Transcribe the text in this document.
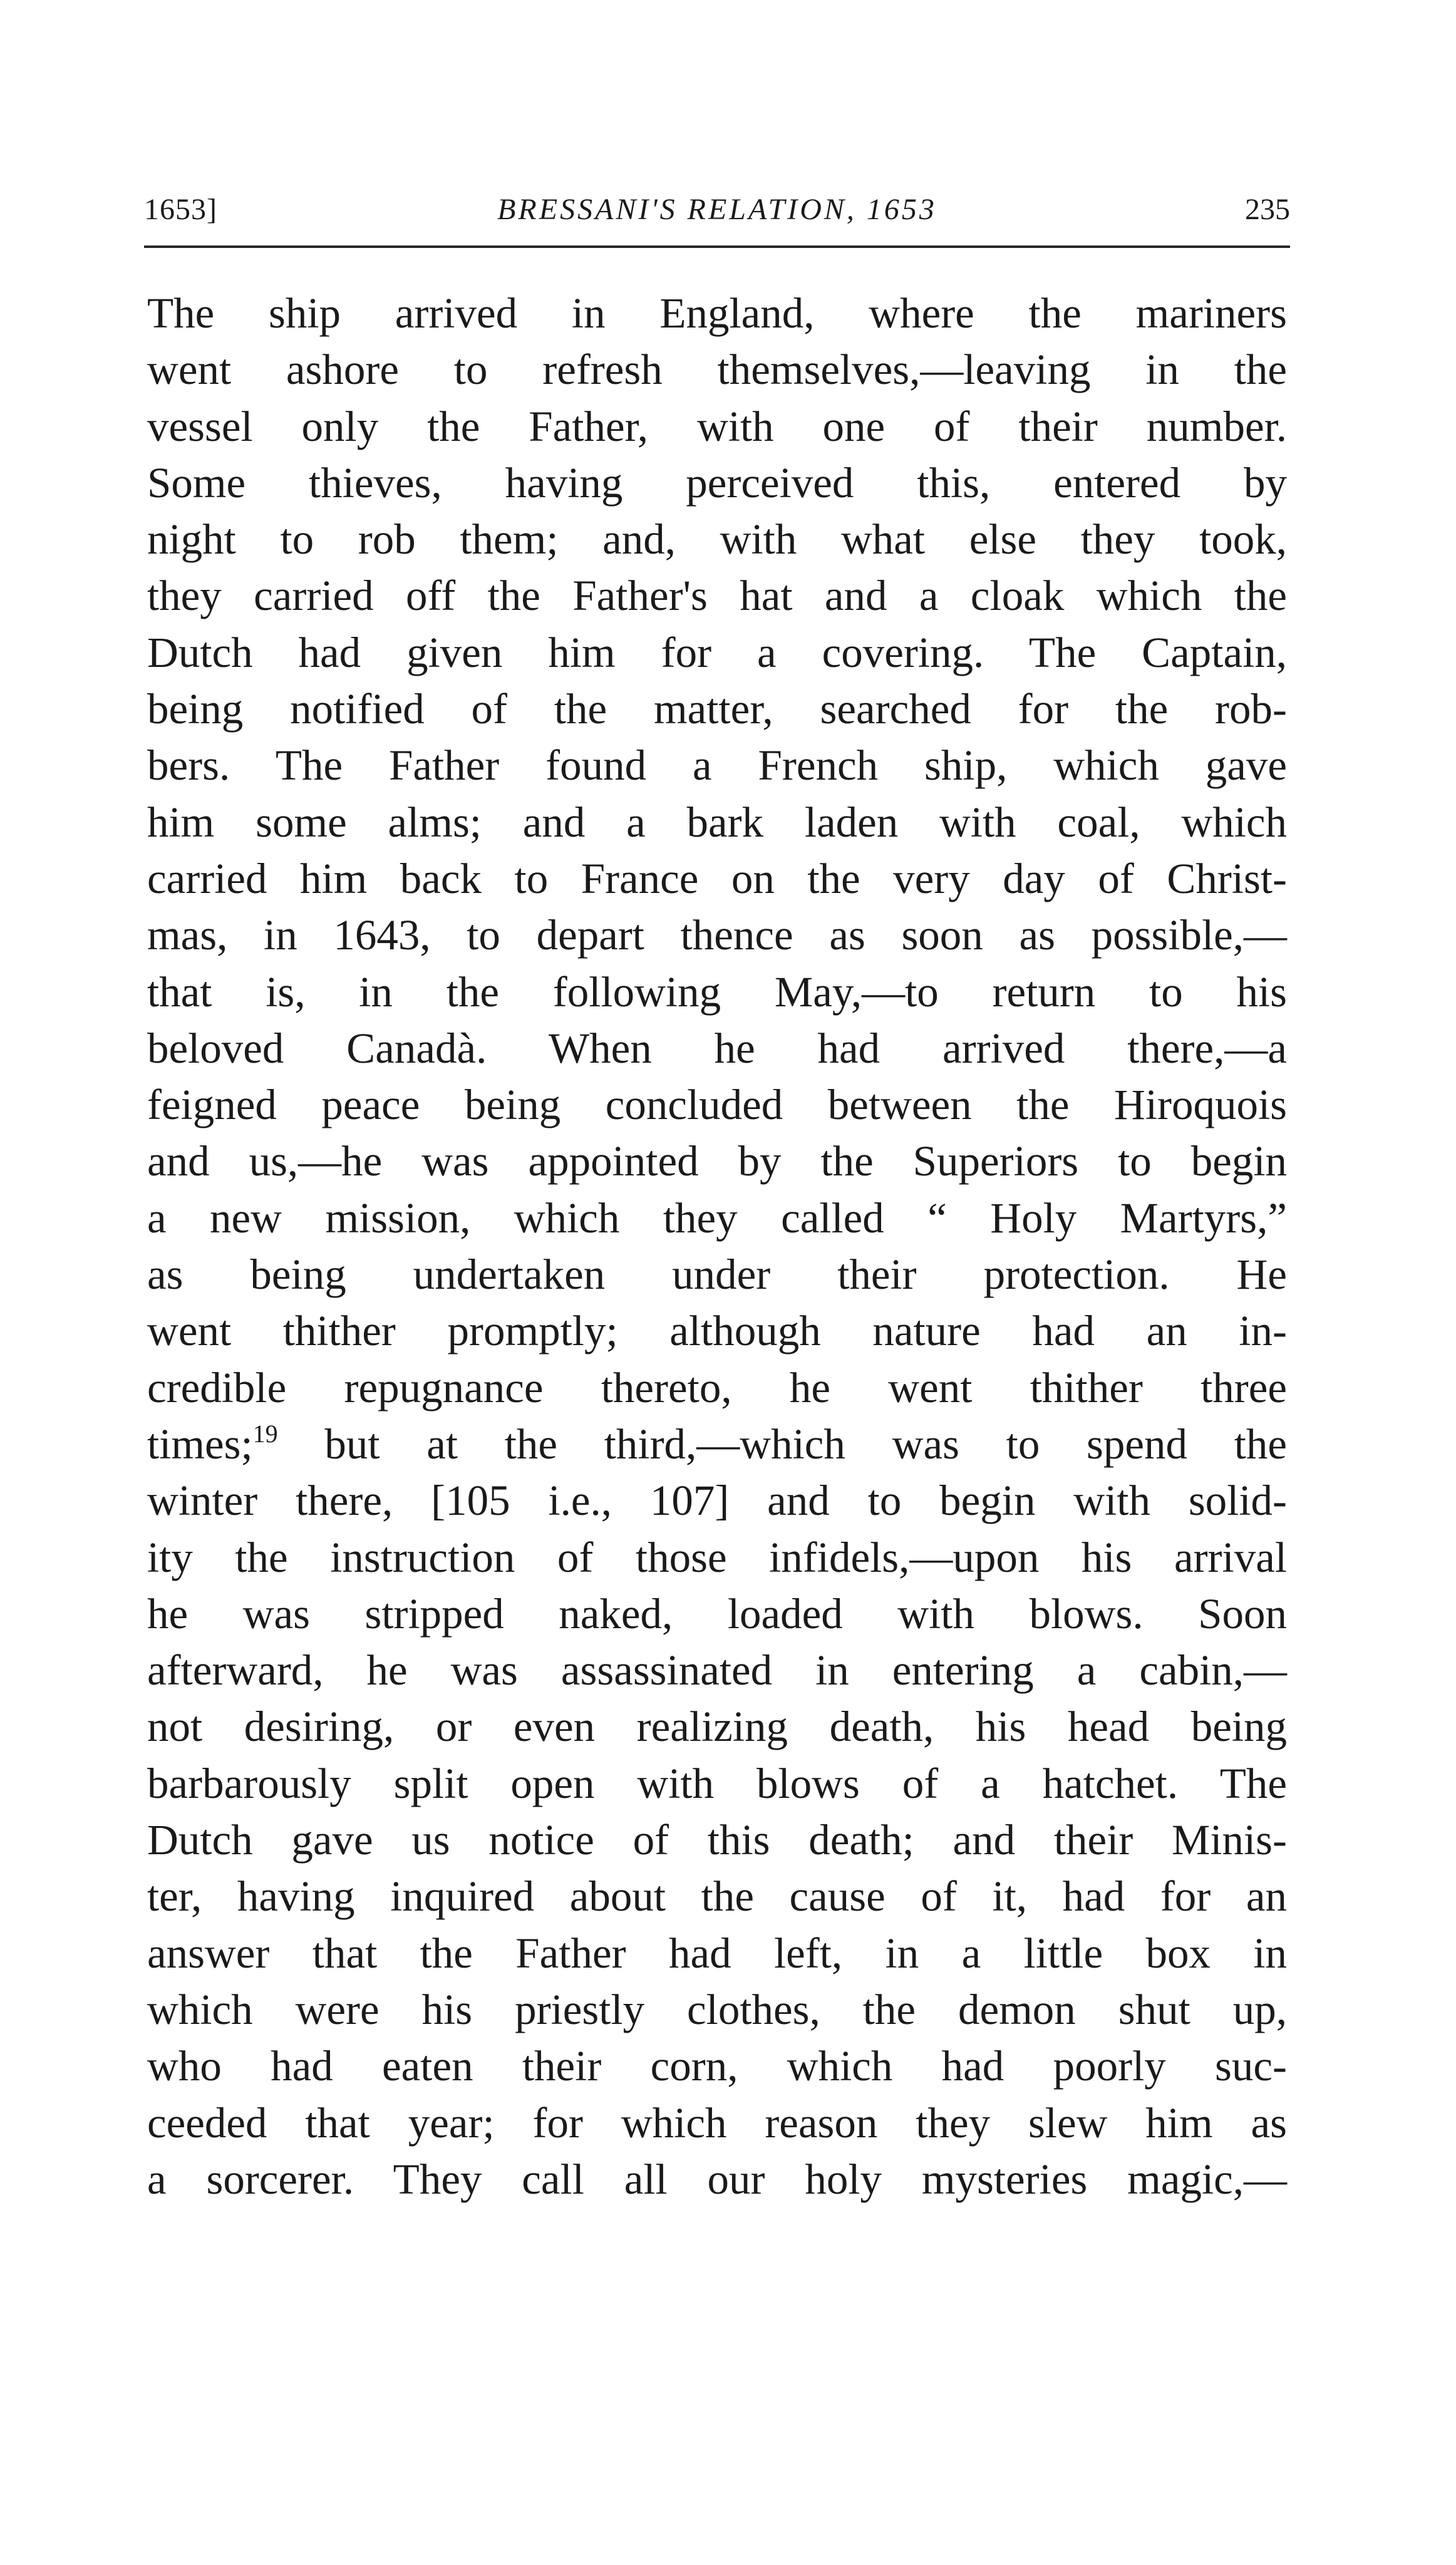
1653]	BRESSANI'S RELATION, 1653	235
The ship arrived in England, where the mariners
went ashore to refresh themselves,—leaving in the
vessel only the Father, with one of their number.
Some thieves, having perceived this, entered by
night to rob them; and, with what else they took,
they carried off the Father's hat and a cloak which the
Dutch had given him for a covering. The Captain,
being notified of the matter, searched for the rob-
bers. The Father found a French ship, which gave
him some alms; and a bark laden with coal, which
carried him back to France on the very day of Christ-
mas, in 1643, to depart thence as soon as possible,—
that is, in the following May,—to return to his
beloved Canadà. When he had arrived there,—a
feigned peace being concluded between the Hiroquois
and us,—he was appointed by the Superiors to begin
a new mission, which they called “ Holy Martyrs,”
as being undertaken under their protection. He
went thither promptly; although nature had an in-
credible repugnance thereto, he went thither three
times;$^{19}$ but at the third,—which was to spend the
winter there, [105 i.e., 107] and to begin with solid-
ity the instruction of those infidels,—upon his arrival
he was stripped naked, loaded with blows. Soon
afterward, he was assassinated in entering a cabin,—
not desiring, or even realizing death, his head being
barbarously split open with blows of a hatchet. The
Dutch gave us notice of this death; and their Minis-
ter, having inquired about the cause of it, had for an
answer that the Father had left, in a little box in
which were his priestly clothes, the demon shut up,
who had eaten their corn, which had poorly suc-
ceeded that year; for which reason they slew him as
a sorcerer. They call all our holy mysteries magic,—
